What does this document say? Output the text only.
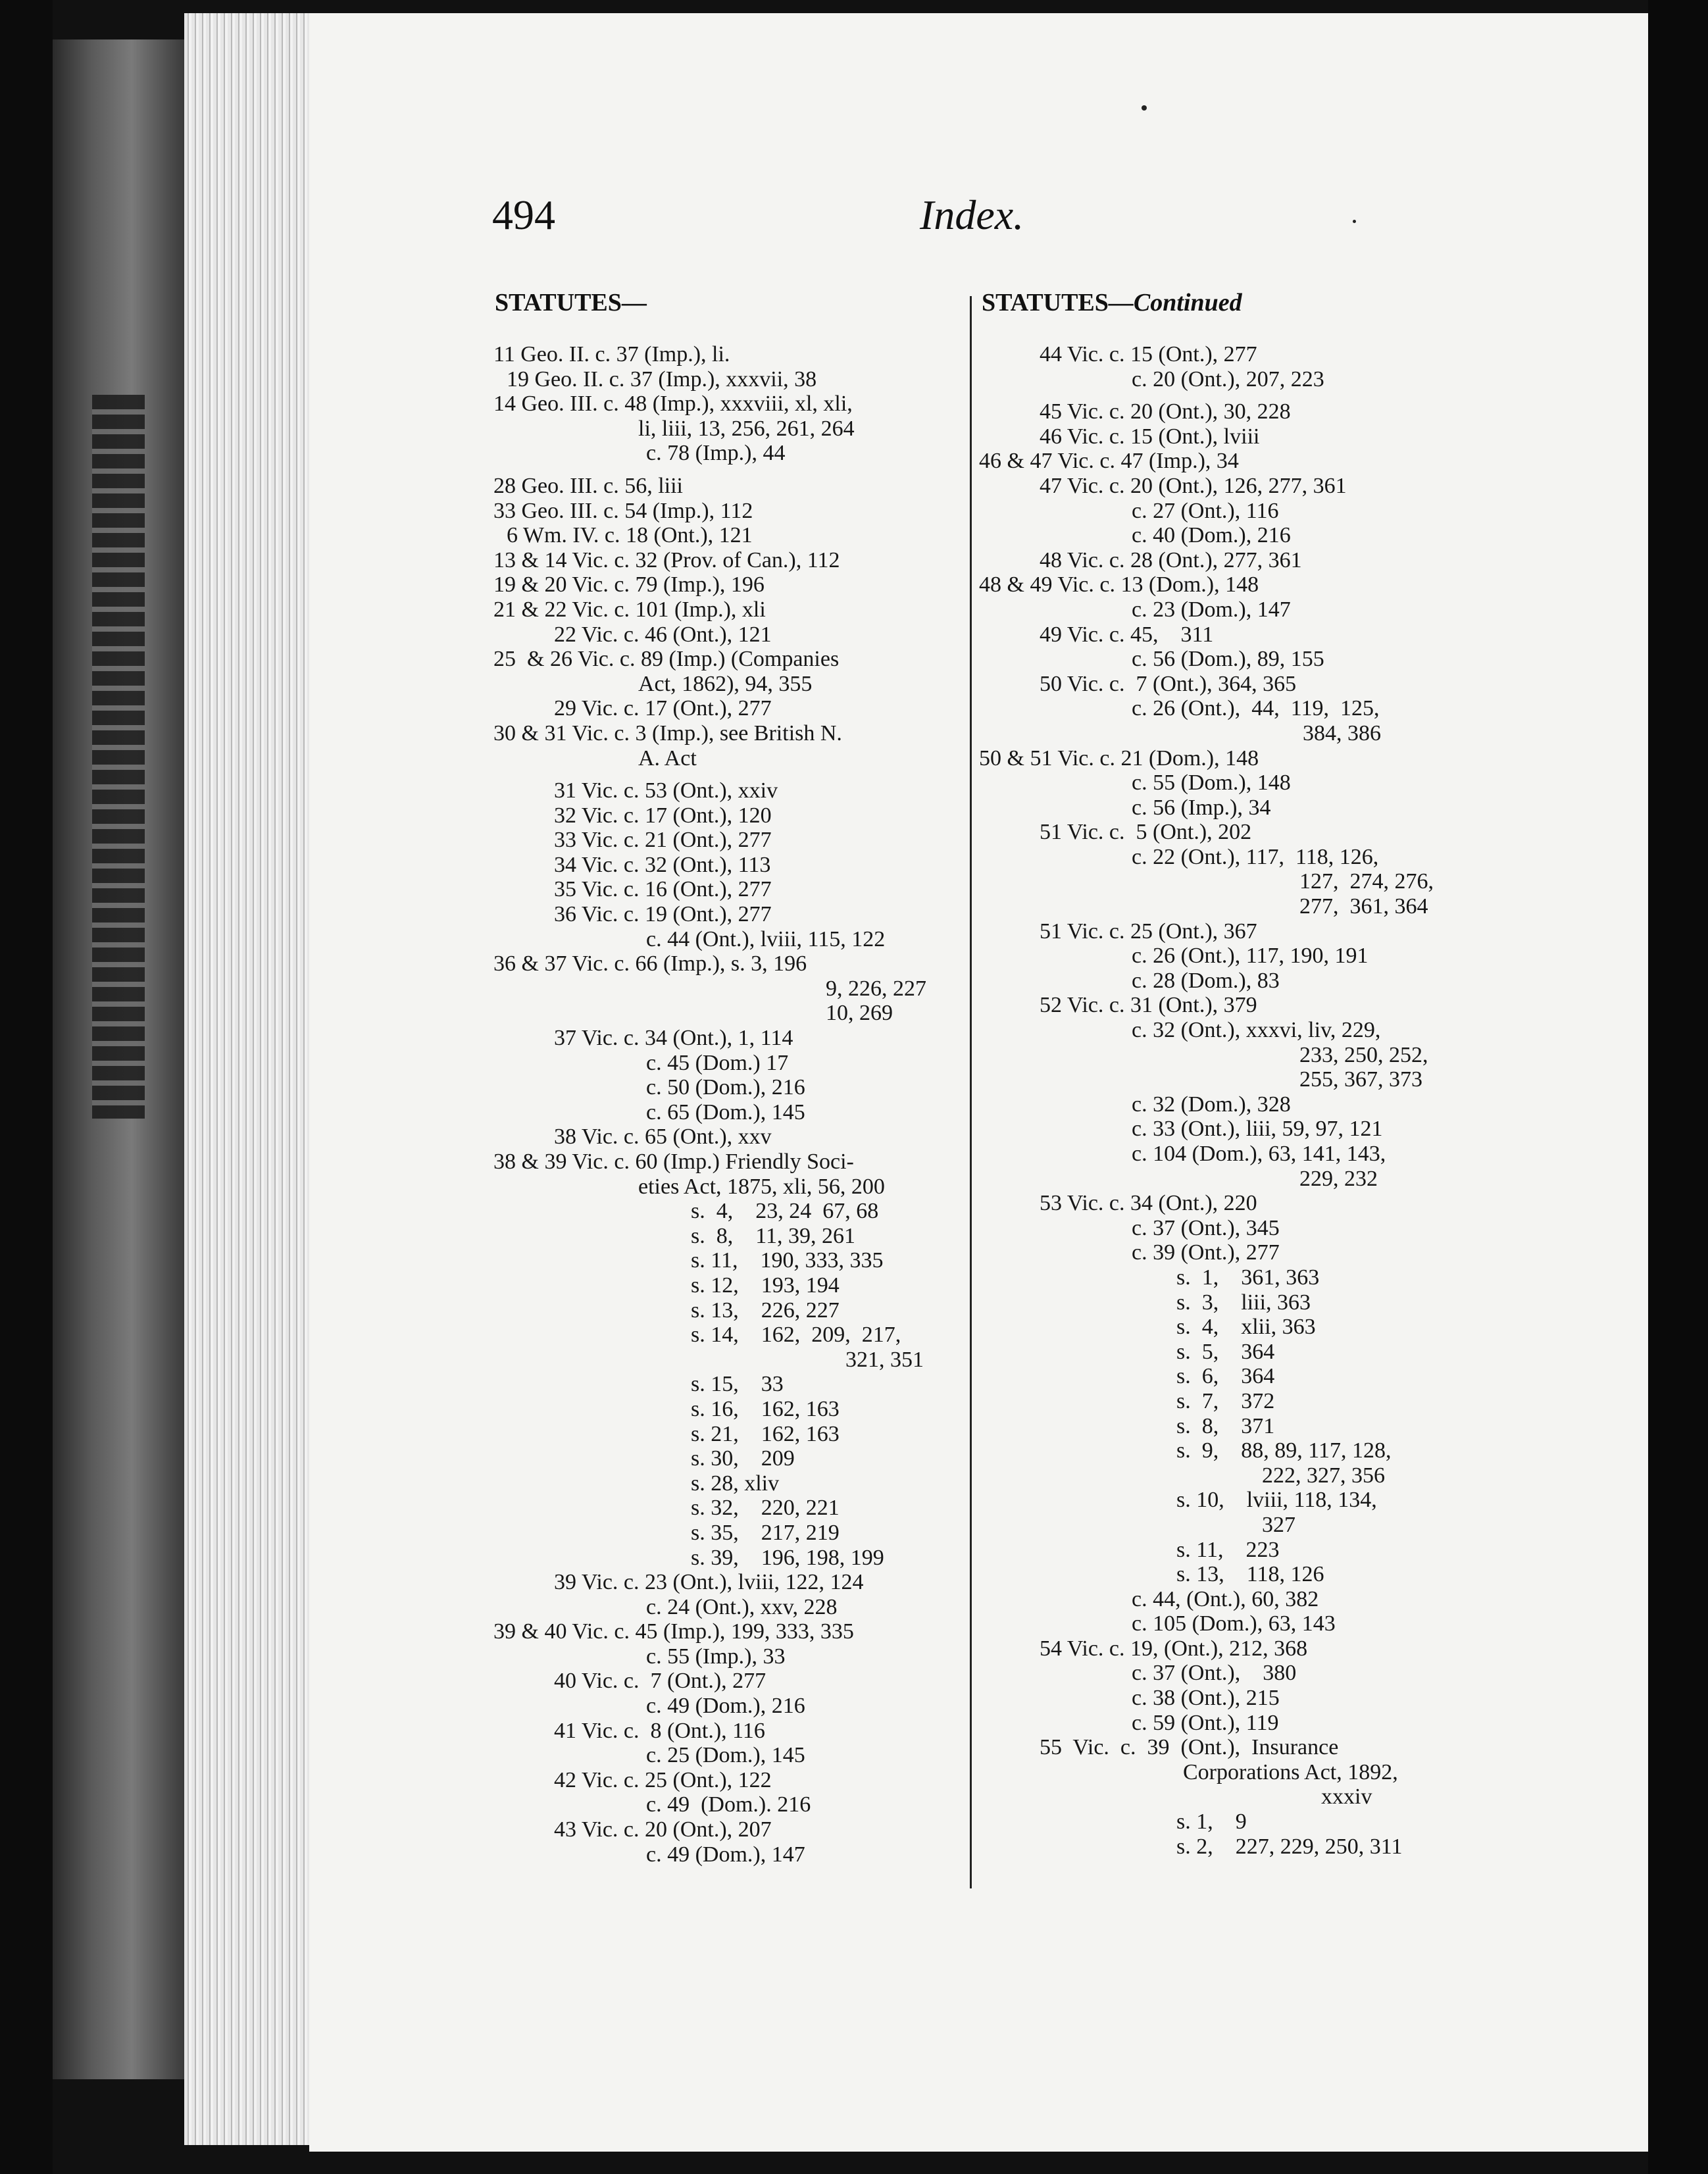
494	Index.
STATUTES—	STATUTES—Continued
11 Geo. II. c. 37 (Imp.), li.
19 Geo. II. c. 37 (Imp.), xxxvii, 38
14 Geo. III. c. 48 (Imp.), xxxviii, xl, xli,
li, liii, 13, 256, 261, 264
c. 78 (Imp.), 44
28 Geo. III. c. 56, liii
33 Geo. III. c. 54 (Imp.), 112
6 Wm. IV. c. 18 (Ont.), 121
13 & 14 Vic. c. 32 (Prov. of Can.), 112
19 & 20 Vic. c. 79 (Imp.), 196
21 & 22 Vic. c. 101 (Imp.), xli
22 Vic. c. 46 (Ont.), 121
25  & 26 Vic. c. 89 (Imp.) (Companies
Act, 1862), 94, 355
29 Vic. c. 17 (Ont.), 277
30 & 31 Vic. c. 3 (Imp.), see British N.
A. Act
31 Vic. c. 53 (Ont.), xxiv
32 Vic. c. 17 (Ont.), 120
33 Vic. c. 21 (Ont.), 277
34 Vic. c. 32 (Ont.), 113
35 Vic. c. 16 (Ont.), 277
36 Vic. c. 19 (Ont.), 277
c. 44 (Ont.), lviii, 115, 122
36 & 37 Vic. c. 66 (Imp.), s. 3, 196
9, 226, 227
10, 269
37 Vic. c. 34 (Ont.), 1, 114
c. 45 (Dom.) 17
c. 50 (Dom.), 216
c. 65 (Dom.), 145
38 Vic. c. 65 (Ont.), xxv
38 & 39 Vic. c. 60 (Imp.) Friendly Soci-
eties Act, 1875, xli, 56, 200
s.  4,    23, 24  67, 68
s.  8,    11, 39, 261
s. 11,    190, 333, 335
s. 12,    193, 194
s. 13,    226, 227
s. 14,    162,  209,  217,
321, 351
s. 15,    33
s. 16,    162, 163
s. 21,    162, 163
s. 30,    209
s. 28, xliv
s. 32,    220, 221
s. 35,    217, 219
s. 39,    196, 198, 199
39 Vic. c. 23 (Ont.), lviii, 122, 124
c. 24 (Ont.), xxv, 228
39 & 40 Vic. c. 45 (Imp.), 199, 333, 335
c. 55 (Imp.), 33
40 Vic. c.  7 (Ont.), 277
c. 49 (Dom.), 216
41 Vic. c.  8 (Ont.), 116
c. 25 (Dom.), 145
42 Vic. c. 25 (Ont.), 122
c. 49  (Dom.). 216
43 Vic. c. 20 (Ont.), 207
c. 49 (Dom.), 147
44 Vic. c. 15 (Ont.), 277
c. 20 (Ont.), 207, 223
45 Vic. c. 20 (Ont.), 30, 228
46 Vic. c. 15 (Ont.), lviii
46 & 47 Vic. c. 47 (Imp.), 34
47 Vic. c. 20 (Ont.), 126, 277, 361
c. 27 (Ont.), 116
c. 40 (Dom.), 216
48 Vic. c. 28 (Ont.), 277, 361
48 & 49 Vic. c. 13 (Dom.), 148
c. 23 (Dom.), 147
49 Vic. c. 45,    311
c. 56 (Dom.), 89, 155
50 Vic. c.  7 (Ont.), 364, 365
c. 26 (Ont.),  44,  119,  125,
384, 386
50 & 51 Vic. c. 21 (Dom.), 148
c. 55 (Dom.), 148
c. 56 (Imp.), 34
51 Vic. c.  5 (Ont.), 202
c. 22 (Ont.), 117,  118, 126,
127,  274, 276,
277,  361, 364
51 Vic. c. 25 (Ont.), 367
c. 26 (Ont.), 117, 190, 191
c. 28 (Dom.), 83
52 Vic. c. 31 (Ont.), 379
c. 32 (Ont.), xxxvi, liv, 229,
233, 250, 252,
255, 367, 373
c. 32 (Dom.), 328
c. 33 (Ont.), liii, 59, 97, 121
c. 104 (Dom.), 63, 141, 143,
229, 232
53 Vic. c. 34 (Ont.), 220
c. 37 (Ont.), 345
c. 39 (Ont.), 277
s.  1,    361, 363
s.  3,    liii, 363
s.  4,    xlii, 363
s.  5,    364
s.  6,    364
s.  7,    372
s.  8,    371
s.  9,    88, 89, 117, 128,
222, 327, 356
s. 10,    lviii, 118, 134,
327
s. 11,    223
s. 13,    118, 126
c. 44, (Ont.), 60, 382
c. 105 (Dom.), 63, 143
54 Vic. c. 19, (Ont.), 212, 368
c. 37 (Ont.),    380
c. 38 (Ont.), 215
c. 59 (Ont.), 119
55  Vic.  c.  39  (Ont.),  Insurance
Corporations Act, 1892,
xxxiv
s. 1,    9
s. 2,    227, 229, 250, 311
